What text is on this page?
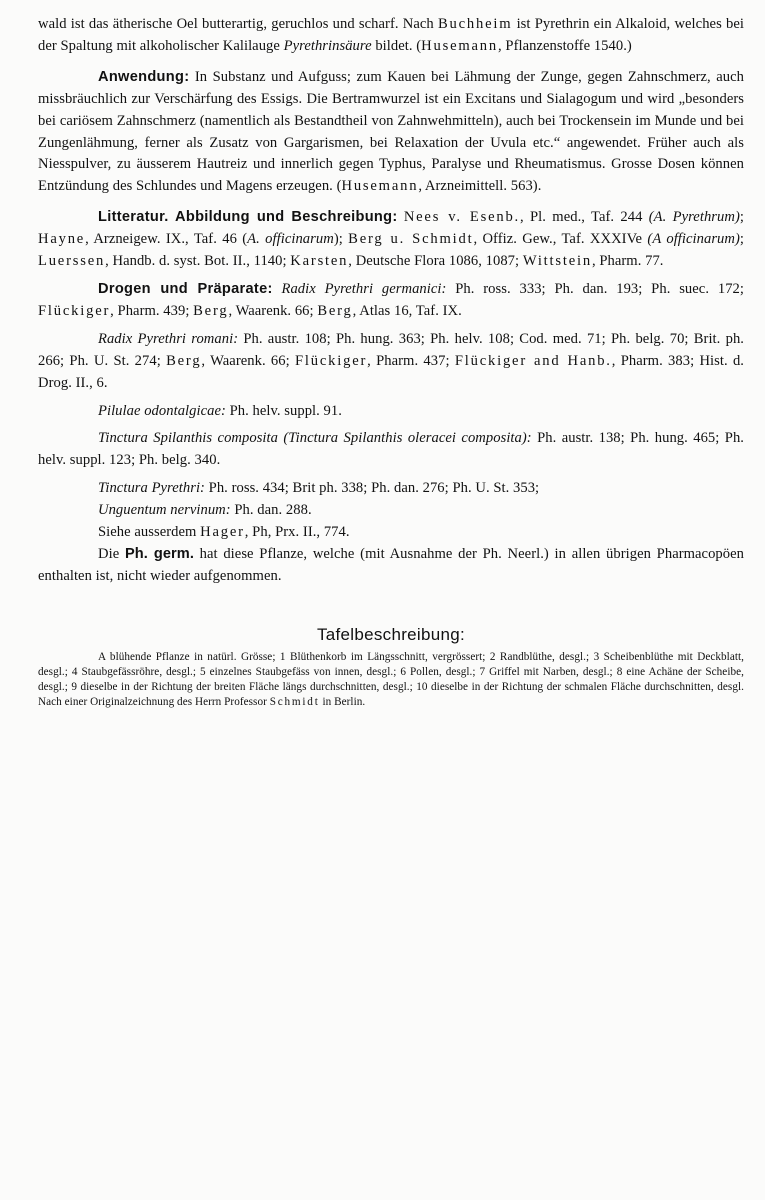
wald ist das ätherische Oel butterartig, geruchlos und scharf. Nach Buchheim ist Pyrethrin ein Alkaloid, welches bei der Spaltung mit alkoholischer Kalilauge Pyrethrinsäure bildet. (Husemann, Pflanzenstoffe 1540.)

Anwendung: In Substanz und Aufguss; zum Kauen bei Lähmung der Zunge, gegen Zahnschmerz, auch missbräuchlich zur Verschärfung des Essigs. Die Bertramwurzel ist ein Excitans und Sialagogum und wird „besonders bei cariösem Zahnschmerz (namentlich als Bestandtheil von Zahnwehmitteln), auch bei Trockensein im Munde und bei Zungenlähmung, ferner als Zusatz von Gargarismen, bei Relaxation der Uvula etc.“ angewendet. Früher auch als Niesspulver, zu äusserem Hautreiz und innerlich gegen Typhus, Paralyse und Rheumatismus. Grosse Dosen können Entzündung des Schlundes und Magens erzeugen. (Husemann, Arzneimittell. 563).

Litteratur. Abbildung und Beschreibung: Nees v. Esenb., Pl. med., Taf. 244 (A. Pyrethrum); Hayne, Arzneigew. IX., Taf. 46 (A. officinarum); Berg u. Schmidt, Offiz. Gew., Taf. XXXIVe (A officinarum); Luerssen, Handb. d. syst. Bot. II., 1140; Karsten, Deutsche Flora 1086, 1087; Wittstein, Pharm. 77.

Drogen und Präparate: Radix Pyrethri germanici: Ph. ross. 333; Ph. dan. 193; Ph. suec. 172; Flückiger, Pharm. 439; Berg, Waarenk. 66; Berg, Atlas 16, Taf. IX.

Radix Pyrethri romani: Ph. austr. 108; Ph. hung. 363; Ph. helv. 108; Cod. med. 71; Ph. belg. 70; Brit. ph. 266; Ph. U. St. 274; Berg, Waarenk. 66; Flückiger, Pharm. 437; Flückiger and Hanb., Pharm. 383; Hist. d. Drog. II., 6.

Pilulae odontalgicae: Ph. helv. suppl. 91.

Tinctura Spilanthis composita (Tinctura Spilanthis oleracei composita): Ph. austr. 138; Ph. hung. 465; Ph. helv. suppl. 123; Ph. belg. 340.

Tinctura Pyrethri: Ph. ross. 434; Brit ph. 338; Ph. dan. 276; Ph. U. St. 353;

Unguentum nervinum: Ph. dan. 288.

Siehe ausserdem Hager, Ph, Prx. II., 774.

Die Ph. germ. hat diese Pflanze, welche (mit Ausnahme der Ph. Neerl.) in allen übrigen Pharmacopöen enthalten ist, nicht wieder aufgenommen.

Tafelbeschreibung:

A blühende Pflanze in natürl. Grösse; 1 Blüthenkorb im Längsschnitt, vergrössert; 2 Randblüthe, desgl.; 3 Scheibenblüthe mit Deckblatt, desgl.; 4 Staubgefässröhre, desgl.; 5 einzelnes Staubgefäss von innen, desgl.; 6 Pollen, desgl.; 7 Griffel mit Narben, desgl.; 8 eine Achäne der Scheibe, desgl.; 9 dieselbe in der Richtung der breiten Fläche längs durchschnitten, desgl.; 10 dieselbe in der Richtung der schmalen Fläche durchschnitten, desgl. Nach einer Originalzeichnung des Herrn Professor Schmidt in Berlin.
